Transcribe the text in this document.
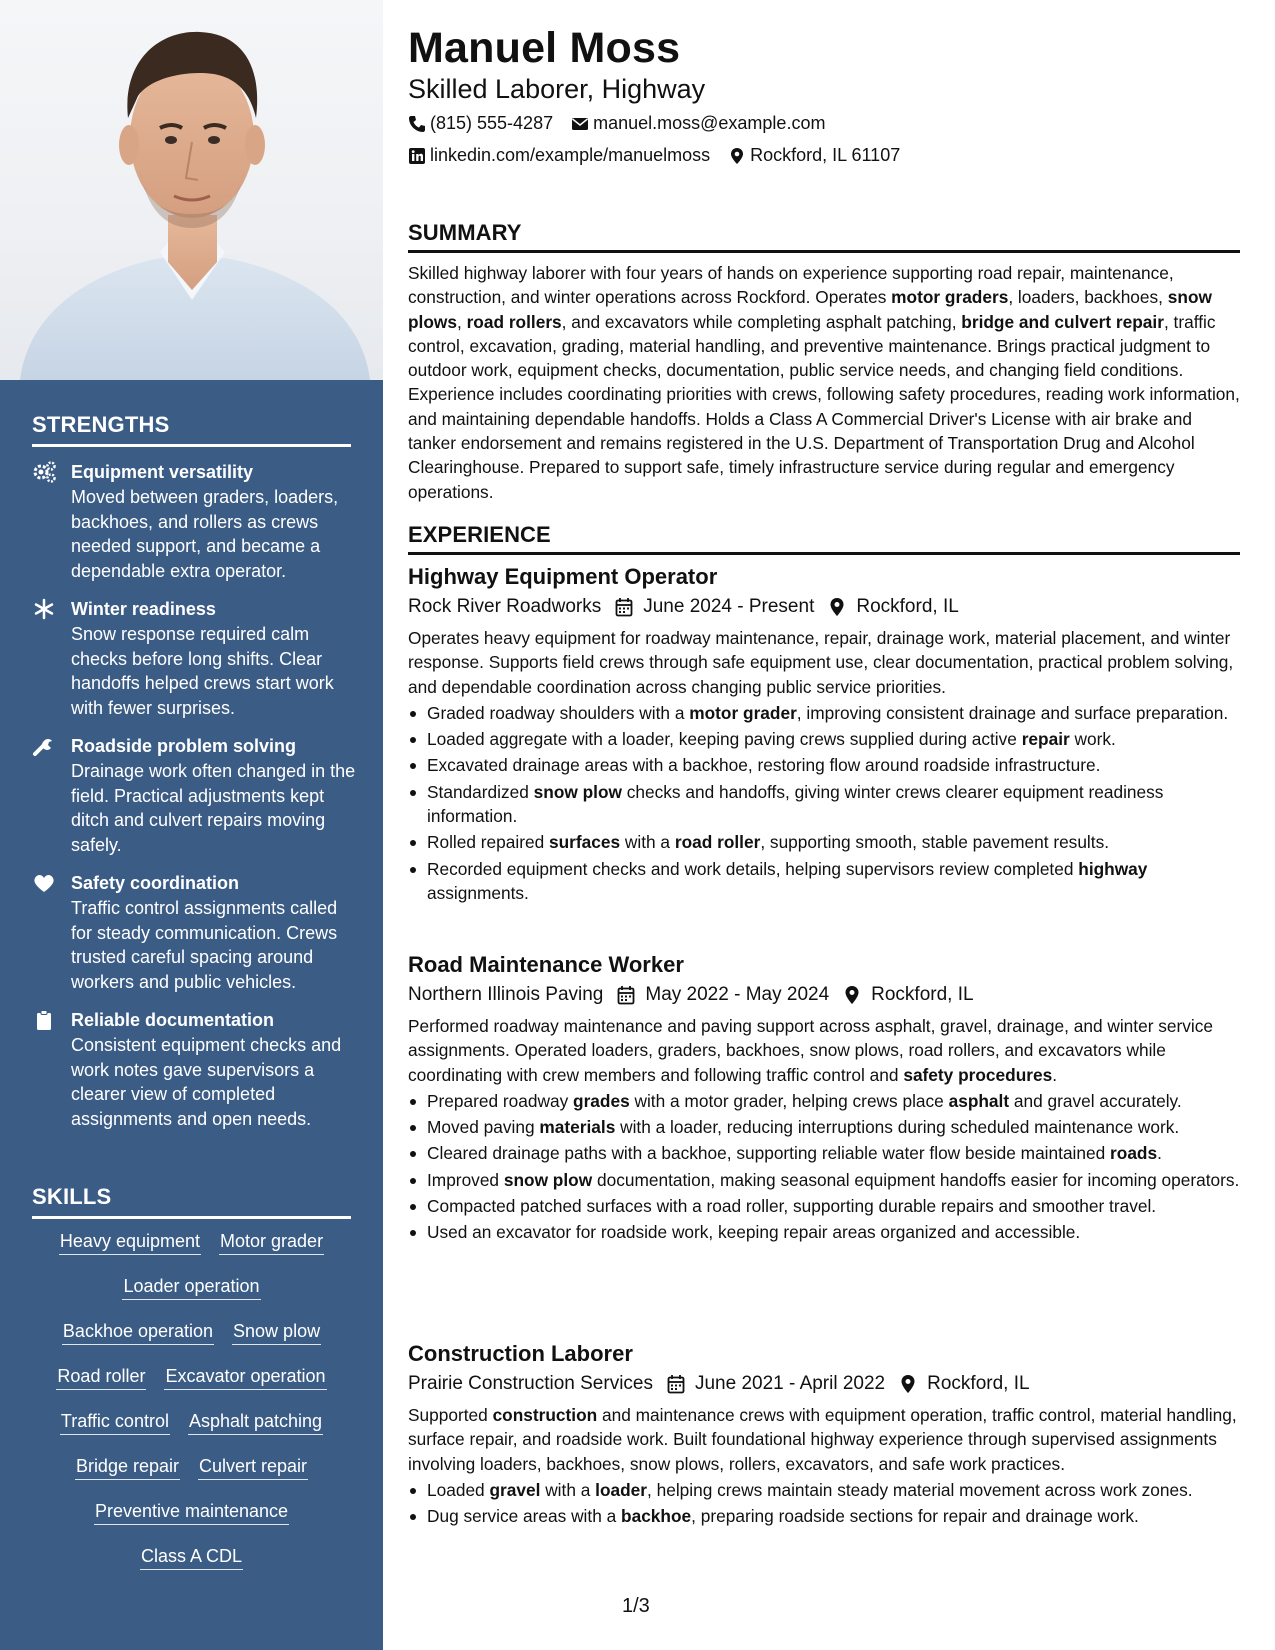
STRENGTHS
Equipment versatility
Moved between graders, loaders, backhoes, and rollers as crews needed support, and became a dependable extra operator.
Winter readiness
Snow response required calm checks before long shifts. Clear handoffs helped crews start work with fewer surprises.
Roadside problem solving
Drainage work often changed in the field. Practical adjustments kept ditch and culvert repairs moving safely.
Safety coordination
Traffic control assignments called for steady communication. Crews trusted careful spacing around workers and public vehicles.
Reliable documentation
Consistent equipment checks and work notes gave supervisors a clearer view of completed assignments and open needs.
SKILLS
Heavy equipment Motor grader
Loader operation
Backhoe operation Snow plow
Road roller Excavator operation
Traffic control Asphalt patching
Bridge repair Culvert repair
Preventive maintenance
Class A CDL
Manuel Moss
Skilled Laborer, Highway
(815) 555-4287 manuel.moss@example.com
linkedin.com/example/manuelmoss Rockford, IL 61107
SUMMARY

Skilled highway laborer with four years of hands on experience supporting road repair, maintenance, construction, and winter operations across Rockford. Operates motor graders, loaders, backhoes, snow plows, road rollers, and excavators while completing asphalt patching, bridge and culvert repair, traffic control, excavation, grading, material handling, and preventive maintenance. Brings practical judgment to outdoor work, equipment checks, documentation, public service needs, and changing field conditions. Experience includes coordinating priorities with crews, following safety procedures, reading work information, and maintaining dependable handoffs. Holds a Class A Commercial Driver's License with air brake and tanker endorsement and remains registered in the U.S. Department of Transportation Drug and Alcohol Clearinghouse. Prepared to support safe, timely infrastructure service during regular and emergency operations.

EXPERIENCE
Highway Equipment Operator
Rock River Roadworks June 2024 - Present Rockford, IL

Operates heavy equipment for roadway maintenance, repair, drainage work, material placement, and winter response. Supports field crews through safe equipment use, clear documentation, practical problem solving, and dependable coordination across changing public service priorities.

Graded roadway shoulders with a motor grader, improving consistent drainage and surface preparation.
Loaded aggregate with a loader, keeping paving crews supplied during active repair work.
Excavated drainage areas with a backhoe, restoring flow around roadside infrastructure.
Standardized snow plow checks and handoffs, giving winter crews clearer equipment readiness information.
Rolled repaired surfaces with a road roller, supporting smooth, stable pavement results.
Recorded equipment checks and work details, helping supervisors review completed highway assignments.
Road Maintenance Worker
Northern Illinois Paving May 2022 - May 2024 Rockford, IL

Performed roadway maintenance and paving support across asphalt, gravel, drainage, and winter service assignments. Operated loaders, graders, backhoes, snow plows, road rollers, and excavators while coordinating with crew members and following traffic control and safety procedures.

Prepared roadway grades with a motor grader, helping crews place asphalt and gravel accurately.
Moved paving materials with a loader, reducing interruptions during scheduled maintenance work.
Cleared drainage paths with a backhoe, supporting reliable water flow beside maintained roads.
Improved snow plow documentation, making seasonal equipment handoffs easier for incoming operators.
Compacted patched surfaces with a road roller, supporting durable repairs and smoother travel.
Used an excavator for roadside work, keeping repair areas organized and accessible.
Construction Laborer
Prairie Construction Services June 2021 - April 2022 Rockford, IL

Supported construction and maintenance crews with equipment operation, traffic control, material handling, surface repair, and roadside work. Built foundational highway experience through supervised assignments involving loaders, backhoes, snow plows, rollers, excavators, and safe work practices.

Loaded gravel with a loader, helping crews maintain steady material movement across work zones.
Dug service areas with a backhoe, preparing roadside sections for repair and drainage work.
1/3
